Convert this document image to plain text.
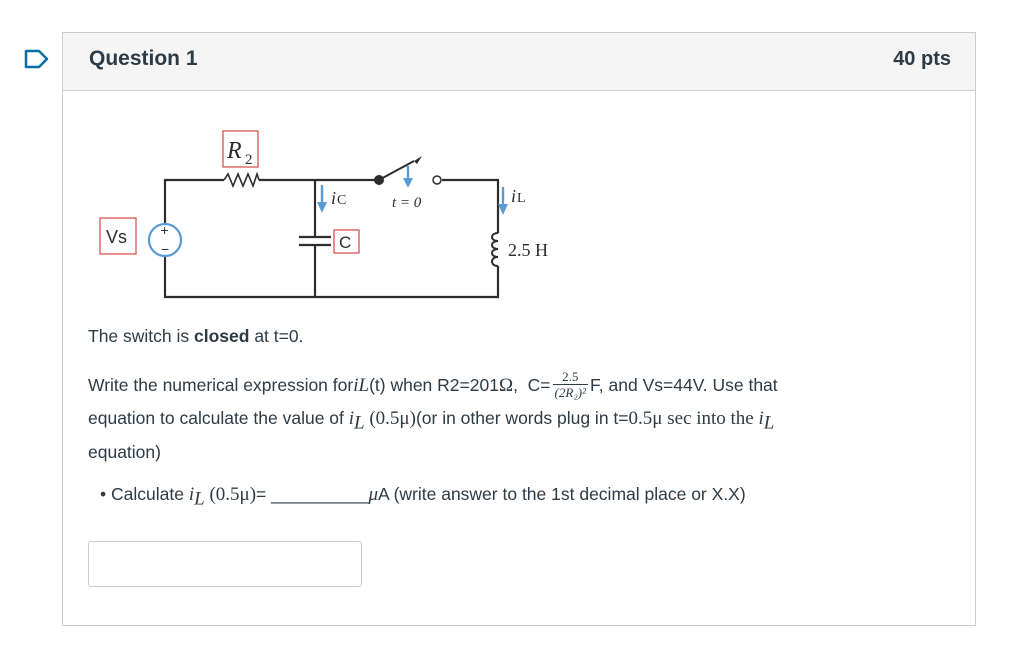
Question 1	40 pts
R 2
+
−
Vs	C
i C	t = 0	i L
2.5 H
The switch is closed at t=0.
Write the numerical expression for i L (t) when R2=201 Ω ,  $C= \frac{2.5}{\text{(2R₂)²}} F$, and Vs=44V. Use that
equation to calculate the value of $i_L$ (0.5μ)(or in other words plug in t=0.5μ sec into the $i_L$
equation)
• Calculate $i_L$ (0.5μ)= __________μA (write answer to the 1st decimal place or X.X)
